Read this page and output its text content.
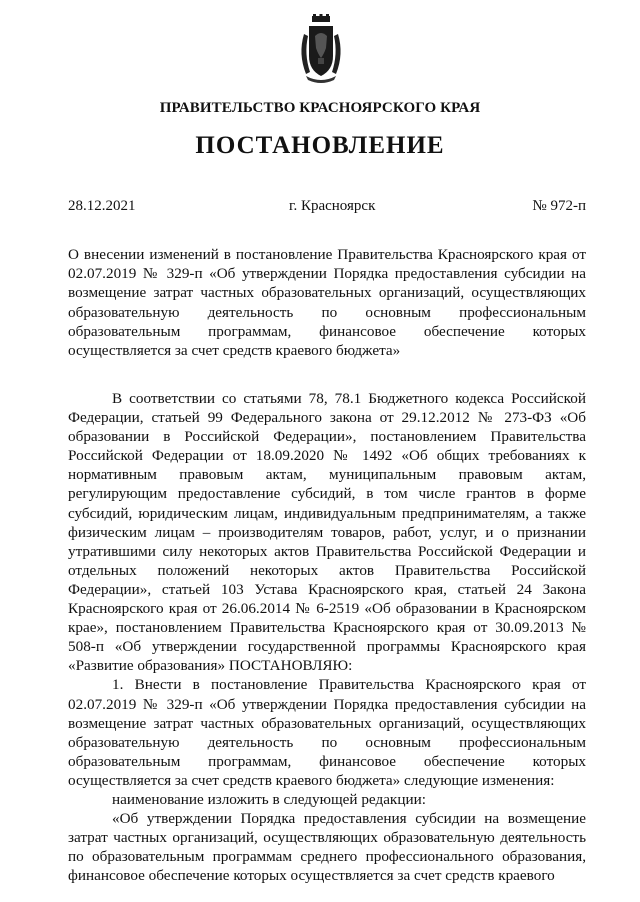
ПРАВИТЕЛЬСТВО КРАСНОЯРСКОГО КРАЯ
ПОСТАНОВЛЕНИЕ
28.12.2021	г. Красноярск	№ 972-п
О внесении изменений в постановление Правительства Красноярского края от 02.07.2019 № 329-п «Об утверждении Порядка предоставления субсидии на возмещение затрат частных образовательных организаций, осуществляющих образовательную деятельность по основным профессиональным образовательным программам, финансовое обеспечение которых осуществляется за счет средств краевого бюджета»

В соответствии со статьями 78, 78.1 Бюджетного кодекса Российской Федерации, статьей 99 Федерального закона от 29.12.2012 № 273-ФЗ «Об образовании в Российской Федерации», постановлением Правительства Российской Федерации от 18.09.2020 № 1492 «Об общих требованиях к нормативным правовым актам, муниципальным правовым актам, регулирующим предоставление субсидий, в том числе грантов в форме субсидий, юридическим лицам, индивидуальным предпринимателям, а также физическим лицам – производителям товаров, работ, услуг, и о признании утратившими силу некоторых актов Правительства Российской Федерации и отдельных положений некоторых актов Правительства Российской Федерации», статьей 103 Устава Красноярского края, статьей 24 Закона Красноярского края от 26.06.2014 № 6-2519 «Об образовании в Красноярском крае», постановлением Правительства Красноярского края от 30.09.2013 № 508-п «Об утверждении государственной программы Красноярского края «Развитие образования» ПОСТАНОВЛЯЮ:

1. Внести в постановление Правительства Красноярского края от 02.07.2019 № 329-п «Об утверждении Порядка предоставления субсидии на возмещение затрат частных образовательных организаций, осуществляющих образовательную деятельность по основным профессиональным образовательным программам, финансовое обеспечение которых осуществляется за счет средств краевого бюджета» следующие изменения:

наименование изложить в следующей редакции:

«Об утверждении Порядка предоставления субсидии на возмещение затрат частных организаций, осуществляющих образовательную деятельность по образовательным программам среднего профессионального образования, финансовое обеспечение которых осуществляется за счет средств краевого
